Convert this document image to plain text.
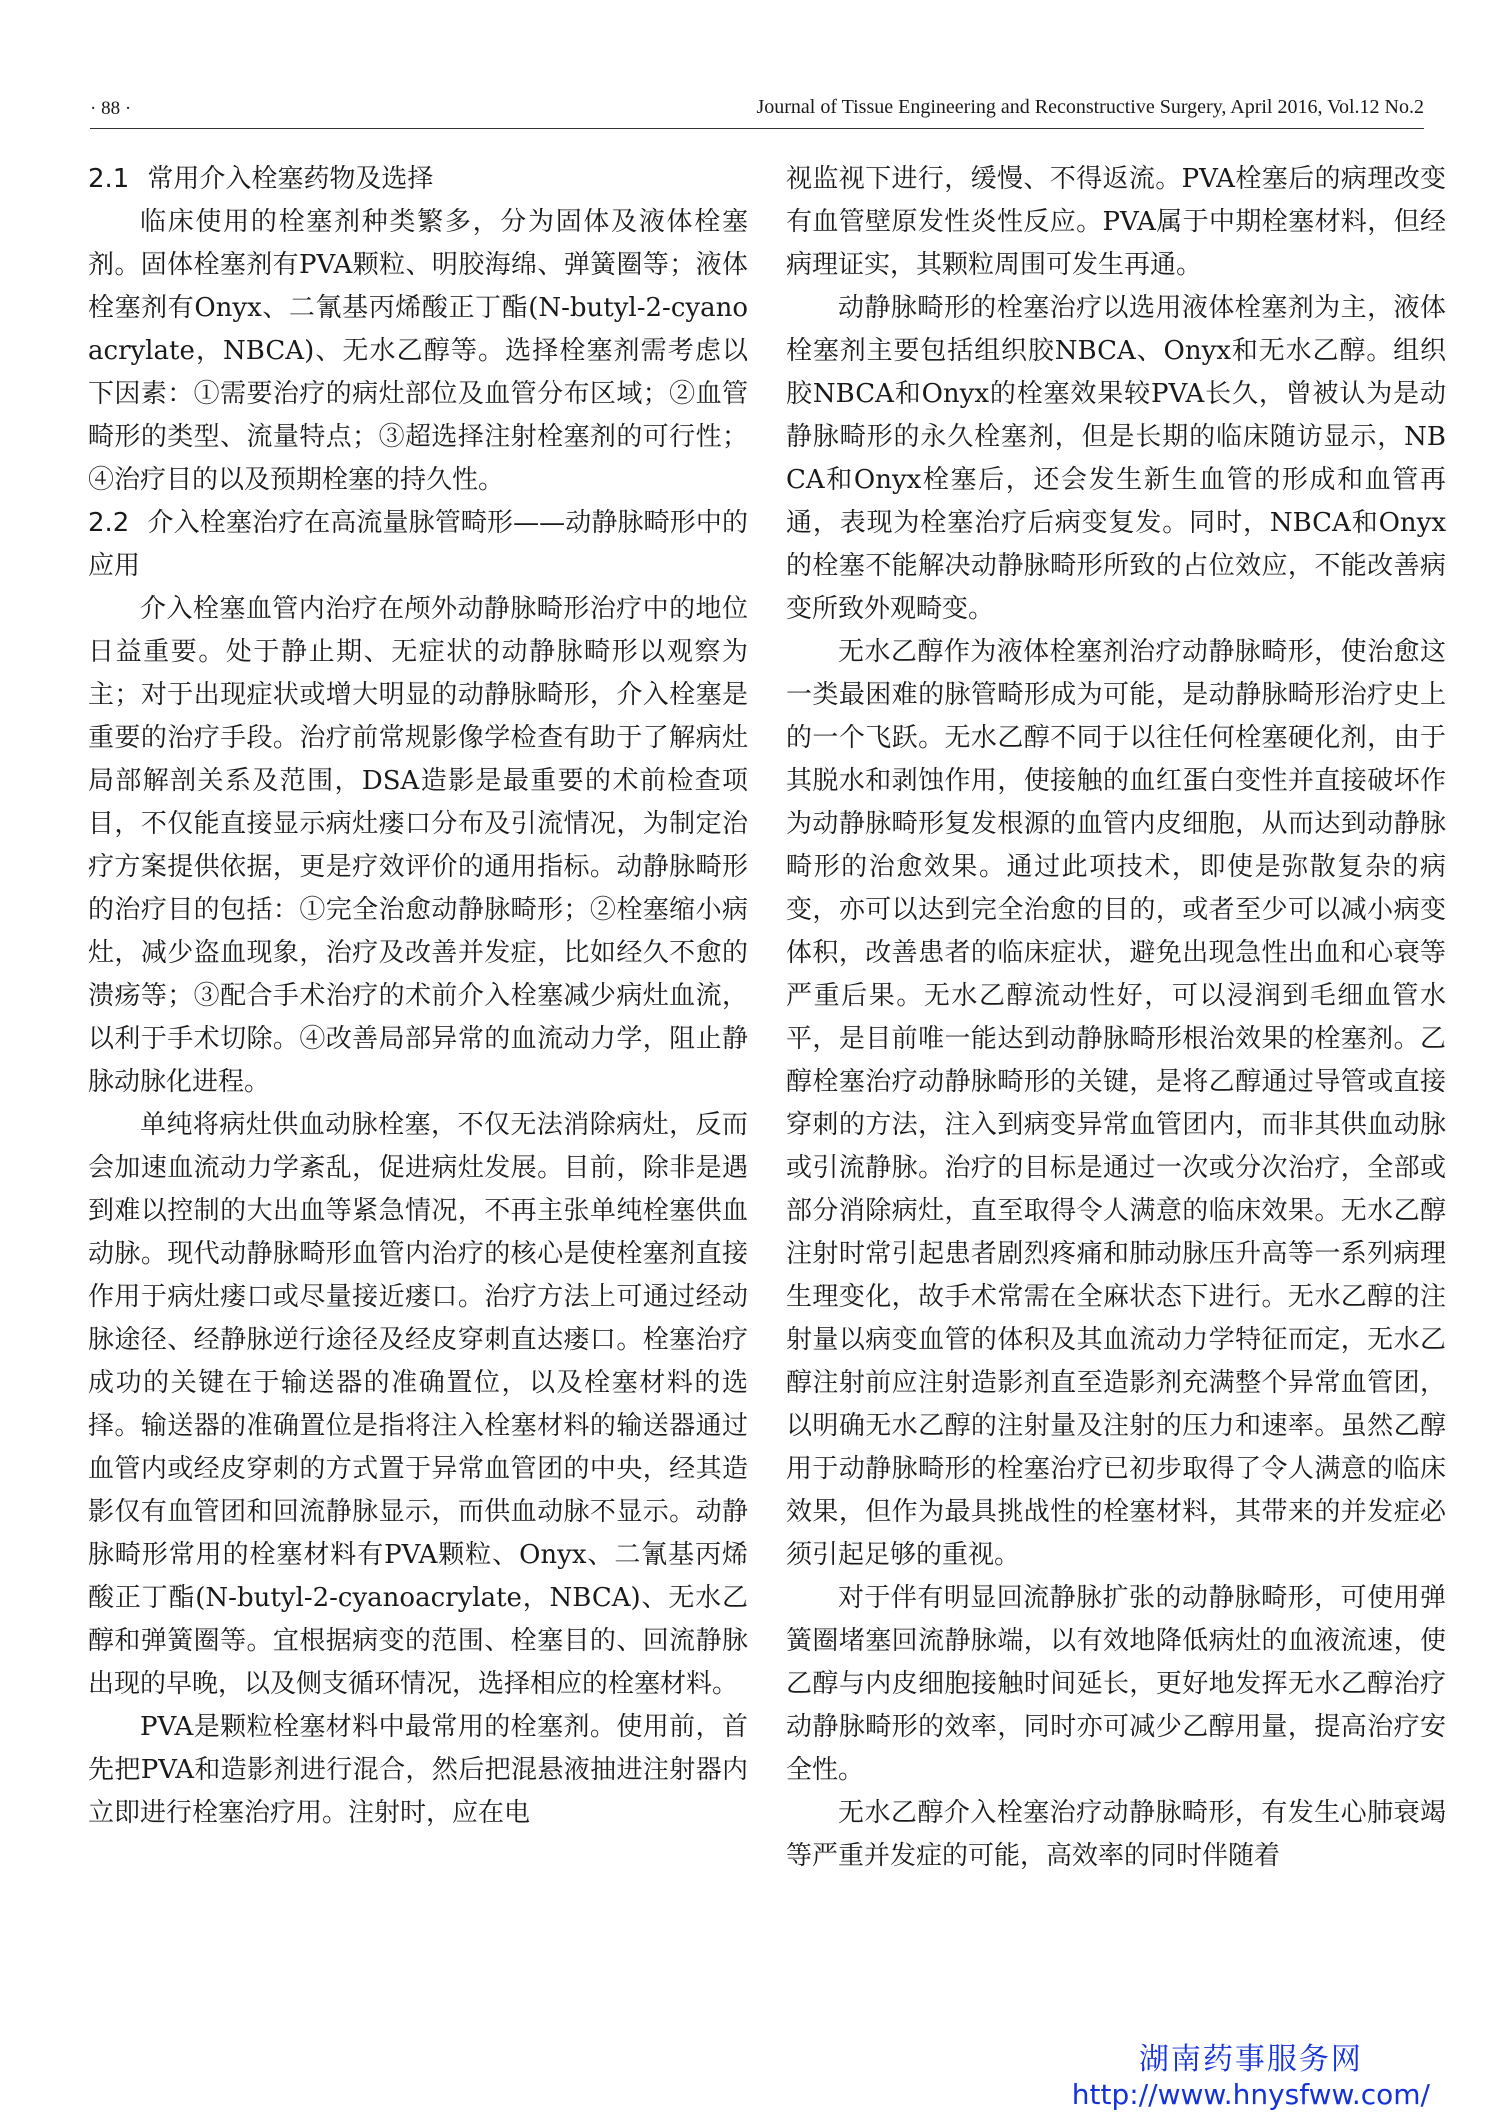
· 88 ·	Journal of Tissue Engineering and Reconstructive Surgery, April 2016, Vol.12 No.2
2.1 常用介入栓塞药物及选择

临床使用的栓塞剂种类繁多，分为固体及液体栓塞剂。固体栓塞剂有PVA颗粒、明胶海绵、弹簧圈等；液体栓塞剂有Onyx、二氰基丙烯酸正丁酯(N-butyl-2-cyanoacrylate，NBCA)、无水乙醇等。选择栓塞剂需考虑以下因素：①需要治疗的病灶部位及血管分布区域；②血管畸形的类型、流量特点；③超选择注射栓塞剂的可行性；④治疗目的以及预期栓塞的持久性。

2.2 介入栓塞治疗在高流量脉管畸形——动静脉畸形中的应用

介入栓塞血管内治疗在颅外动静脉畸形治疗中的地位日益重要。处于静止期、无症状的动静脉畸形以观察为主；对于出现症状或增大明显的动静脉畸形，介入栓塞是重要的治疗手段。治疗前常规影像学检查有助于了解病灶局部解剖关系及范围，DSA造影是最重要的术前检查项目，不仅能直接显示病灶瘘口分布及引流情况，为制定治疗方案提供依据，更是疗效评价的通用指标。动静脉畸形的治疗目的包括：①完全治愈动静脉畸形；②栓塞缩小病灶，减少盗血现象，治疗及改善并发症，比如经久不愈的溃疡等；③配合手术治疗的术前介入栓塞减少病灶血流，以利于手术切除。④改善局部异常的血流动力学，阻止静脉动脉化进程。

单纯将病灶供血动脉栓塞，不仅无法消除病灶，反而会加速血流动力学紊乱，促进病灶发展。目前，除非是遇到难以控制的大出血等紧急情况，不再主张单纯栓塞供血动脉。现代动静脉畸形血管内治疗的核心是使栓塞剂直接作用于病灶瘘口或尽量接近瘘口。治疗方法上可通过经动脉途径、经静脉逆行途径及经皮穿刺直达瘘口。栓塞治疗成功的关键在于输送器的准确置位，以及栓塞材料的选择。输送器的准确置位是指将注入栓塞材料的输送器通过血管内或经皮穿刺的方式置于异常血管团的中央，经其造影仅有血管团和回流静脉显示，而供血动脉不显示。动静脉畸形常用的栓塞材料有PVA颗粒、Onyx、二氰基丙烯酸正丁酯(N-butyl-2-cyanoacrylate，NBCA)、无水乙醇和弹簧圈等。宜根据病变的范围、栓塞目的、回流静脉出现的早晚，以及侧支循环情况，选择相应的栓塞材料。

PVA是颗粒栓塞材料中最常用的栓塞剂。使用前，首先把PVA和造影剂进行混合，然后把混悬液抽进注射器内立即进行栓塞治疗用。注射时，应在电

视监视下进行，缓慢、不得返流。PVA栓塞后的病理改变有血管壁原发性炎性反应。PVA属于中期栓塞材料，但经病理证实，其颗粒周围可发生再通。

动静脉畸形的栓塞治疗以选用液体栓塞剂为主，液体栓塞剂主要包括组织胶NBCA、Onyx和无水乙醇。组织胶NBCA和Onyx的栓塞效果较PVA长久，曾被认为是动静脉畸形的永久栓塞剂，但是长期的临床随访显示，NBCA和Onyx栓塞后，还会发生新生血管的形成和血管再通，表现为栓塞治疗后病变复发。同时，NBCA和Onyx的栓塞不能解决动静脉畸形所致的占位效应，不能改善病变所致外观畸变。

无水乙醇作为液体栓塞剂治疗动静脉畸形，使治愈这一类最困难的脉管畸形成为可能，是动静脉畸形治疗史上的一个飞跃。无水乙醇不同于以往任何栓塞硬化剂，由于其脱水和剥蚀作用，使接触的血红蛋白变性并直接破坏作为动静脉畸形复发根源的血管内皮细胞，从而达到动静脉畸形的治愈效果。通过此项技术，即使是弥散复杂的病变，亦可以达到完全治愈的目的，或者至少可以减小病变体积，改善患者的临床症状，避免出现急性出血和心衰等严重后果。无水乙醇流动性好，可以浸润到毛细血管水平，是目前唯一能达到动静脉畸形根治效果的栓塞剂。乙醇栓塞治疗动静脉畸形的关键，是将乙醇通过导管或直接穿刺的方法，注入到病变异常血管团内，而非其供血动脉或引流静脉。治疗的目标是通过一次或分次治疗，全部或部分消除病灶，直至取得令人满意的临床效果。无水乙醇注射时常引起患者剧烈疼痛和肺动脉压升高等一系列病理生理变化，故手术常需在全麻状态下进行。无水乙醇的注射量以病变血管的体积及其血流动力学特征而定，无水乙醇注射前应注射造影剂直至造影剂充满整个异常血管团，以明确无水乙醇的注射量及注射的压力和速率。虽然乙醇用于动静脉畸形的栓塞治疗已初步取得了令人满意的临床效果，但作为最具挑战性的栓塞材料，其带来的并发症必须引起足够的重视。

对于伴有明显回流静脉扩张的动静脉畸形，可使用弹簧圈堵塞回流静脉端，以有效地降低病灶的血液流速，使乙醇与内皮细胞接触时间延长，更好地发挥无水乙醇治疗动静脉畸形的效率，同时亦可减少乙醇用量，提高治疗安全性。

无水乙醇介入栓塞治疗动静脉畸形，有发生心肺衰竭等严重并发症的可能，高效率的同时伴随着

湖南药事服务网
http://www.hnysfww.com/
